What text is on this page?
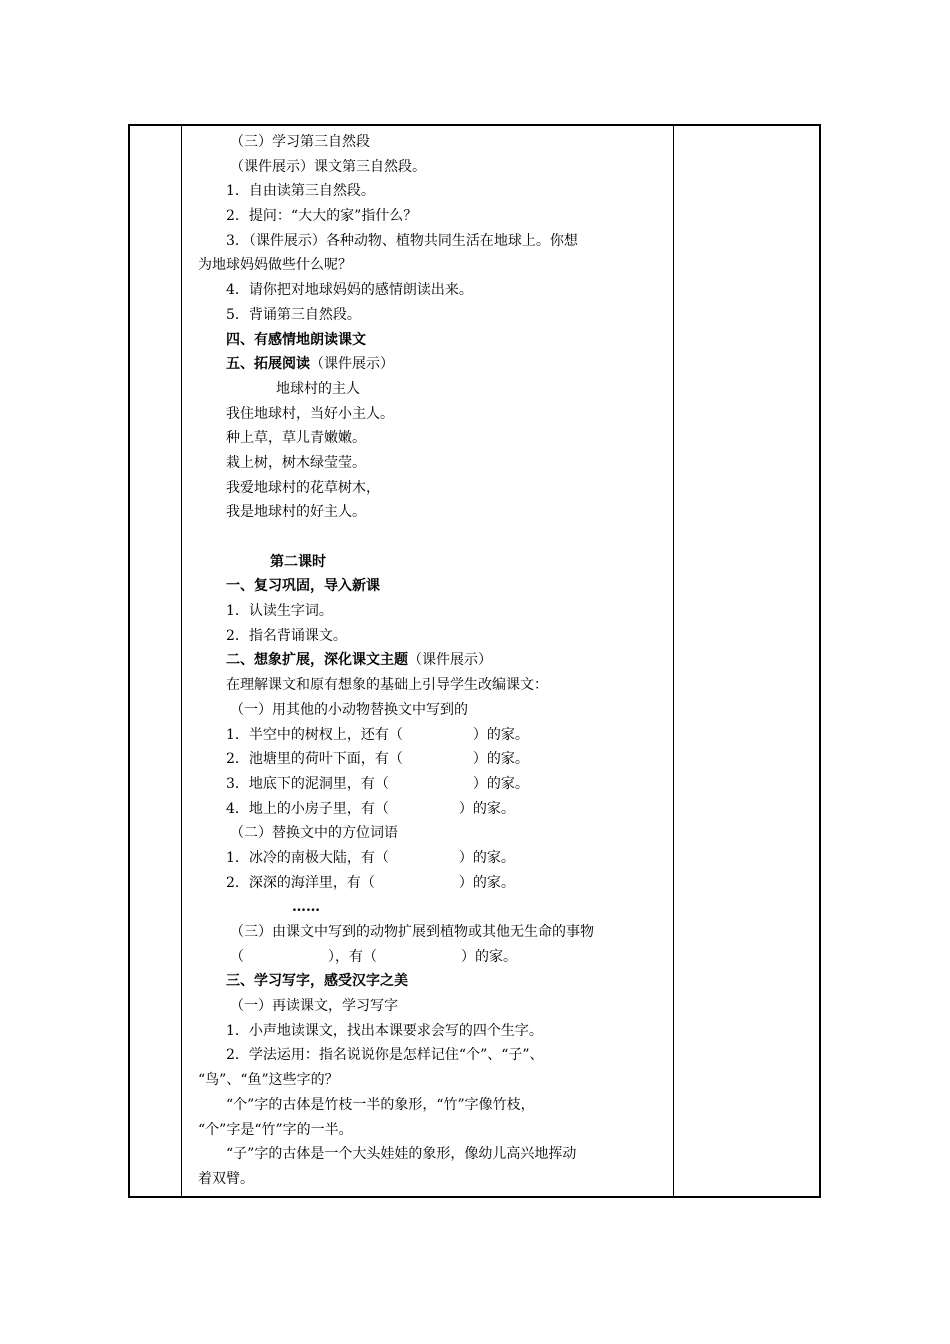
（三）学习第三自然段
（课件展示）课文第三自然段。
1．自由读第三自然段。
2．提问：“大大的家”指什么？
3．（课件展示）各种动物、植物共同生活在地球上。你想
为地球妈妈做些什么呢？
4．请你把对地球妈妈的感情朗读出来。
5．背诵第三自然段。
四、有感情地朗读课文
五、拓展阅读（课件展示）
地球村的主人
我住地球村，当好小主人。
种上草，草儿青嫩嫩。
栽上树，树木绿莹莹。
我爱地球村的花草树木，
我是地球村的好主人。
第二课时
一、复习巩固，导入新课
1．认读生字词。
2．指名背诵课文。
二、想象扩展，深化课文主题（课件展示）
在理解课文和原有想象的基础上引导学生改编课文：
（一）用其他的小动物替换文中写到的
1．半空中的树杈上，还有（　　　　　）的家。
2．池塘里的荷叶下面，有（　　　　　）的家。
3．地底下的泥洞里，有（　　　　　　）的家。
4．地上的小房子里，有（　　　　　）的家。
（二）替换文中的方位词语
1．冰冷的南极大陆，有（　　　　　）的家。
2．深深的海洋里，有（　　　　　　）的家。
……
（三）由课文中写到的动物扩展到植物或其他无生命的事物
（　　　　　　），有（　　　　　　）的家。
三、学习写字，感受汉字之美
（一）再读课文，学习写字
1．小声地读课文，找出本课要求会写的四个生字。
2．学法运用：指名说说你是怎样记住“个”、“子”、
“鸟”、“鱼”这些字的？
“个”字的古体是竹枝一半的象形，“竹”字像竹枝，
“个”字是“竹”字的一半。
“子”字的古体是一个大头娃娃的象形，像幼儿高兴地挥动
着双臂。
